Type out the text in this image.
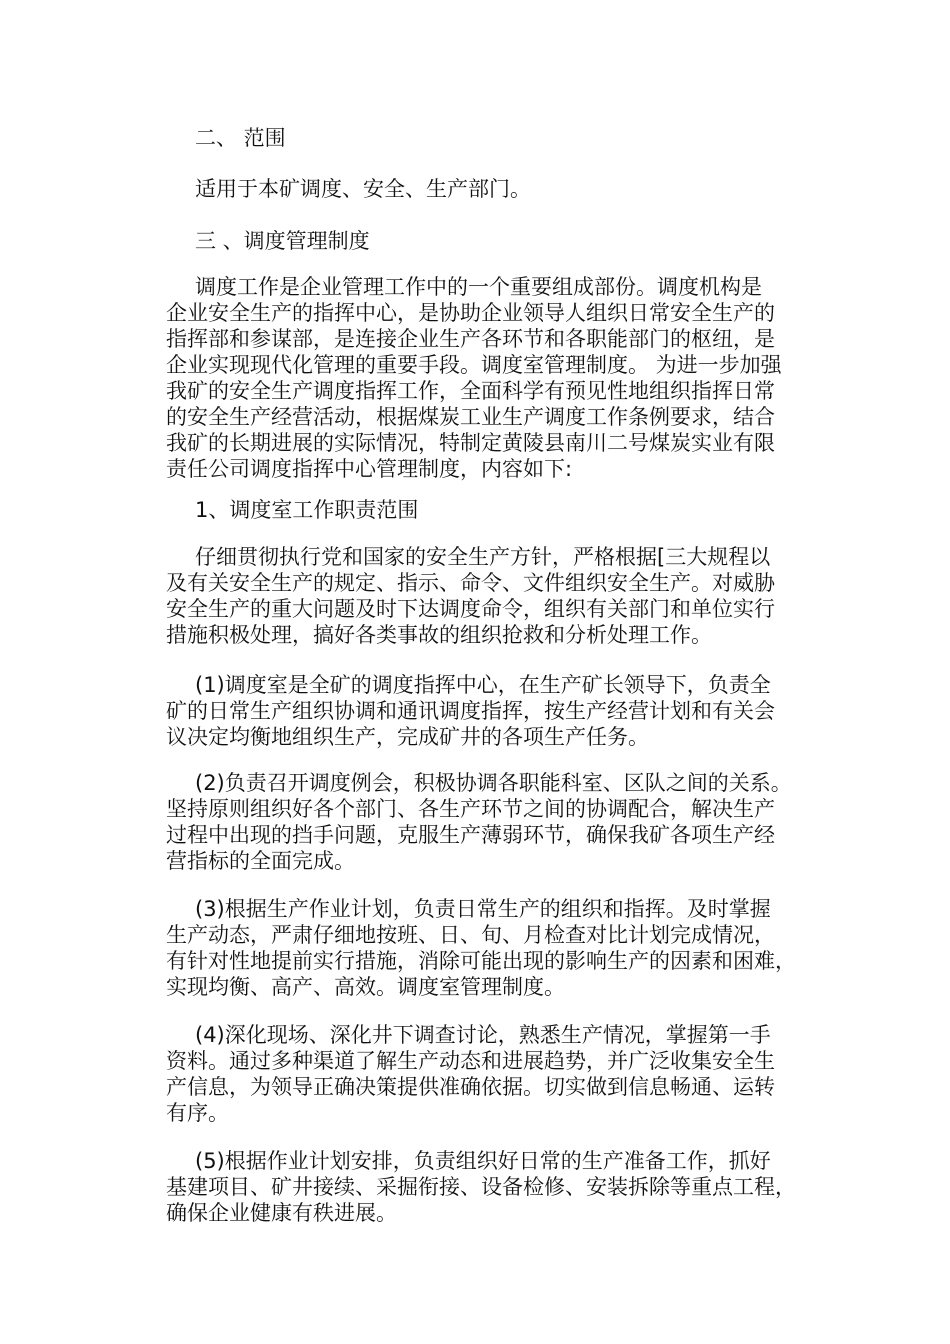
二、 范围
适用于本矿调度、安全、生产部门。
三 、调度管理制度
调度工作是企业管理工作中的一个重要组成部份。调度机构是
企业安全生产的指挥中心，是协助企业领导人组织日常安全生产的
指挥部和参谋部，是连接企业生产各环节和各职能部门的枢纽，是
企业实现现代化管理的重要手段。调度室管理制度。 为进一步加强
我矿的安全生产调度指挥工作，全面科学有预见性地组织指挥日常
的安全生产经营活动，根据煤炭工业生产调度工作条例要求，结合
我矿的长期进展的实际情况，特制定黄陵县南川二号煤炭实业有限
责任公司调度指挥中心管理制度，内容如下:
1、调度室工作职责范围
仔细贯彻执行党和国家的安全生产方针，严格根据[三大规程以
及有关安全生产的规定、指示、命令、文件组织安全生产。对威胁
安全生产的重大问题及时下达调度命令，组织有关部门和单位实行
措施积极处理，搞好各类事故的组织抢救和分析处理工作。
(1)调度室是全矿的调度指挥中心，在生产矿长领导下，负责全
矿的日常生产组织协调和通讯调度指挥，按生产经营计划和有关会
议决定均衡地组织生产，完成矿井的各项生产任务。
(2)负责召开调度例会，积极协调各职能科室、区队之间的关系。
坚持原则组织好各个部门、各生产环节之间的协调配合，解决生产
过程中出现的挡手问题，克服生产薄弱环节，确保我矿各项生产经
营指标的全面完成。
(3)根据生产作业计划，负责日常生产的组织和指挥。及时掌握
生产动态，严肃仔细地按班、日、旬、月检查对比计划完成情况，
有针对性地提前实行措施，消除可能出现的影响生产的因素和困难，
实现均衡、高产、高效。调度室管理制度。
(4)深化现场、深化井下调查讨论，熟悉生产情况，掌握第一手
资料。通过多种渠道了解生产动态和进展趋势，并广泛收集安全生
产信息，为领导正确决策提供准确依据。切实做到信息畅通、运转
有序。
(5)根据作业计划安排，负责组织好日常的生产准备工作，抓好
基建项目、矿井接续、采掘衔接、设备检修、安装拆除等重点工程，
确保企业健康有秩进展。
